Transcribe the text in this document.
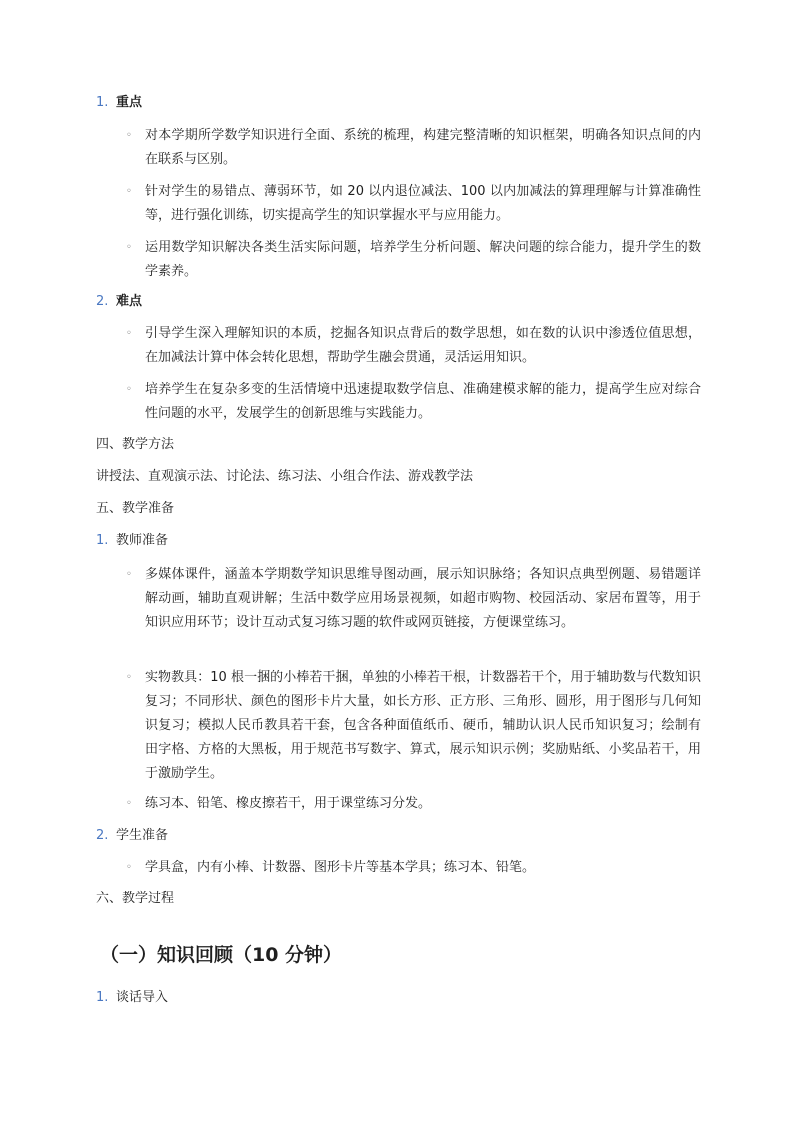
1. 重点
◦ 对本学期所学数学知识进行全面、系统的梳理，构建完整清晰的知识框架，明确各知识点间的内在联系与区别。
◦ 针对学生的易错点、薄弱环节，如 20 以内退位减法、100 以内加减法的算理理解与计算准确性等，进行强化训练，切实提高学生的知识掌握水平与应用能力。
◦ 运用数学知识解决各类生活实际问题，培养学生分析问题、解决问题的综合能力，提升学生的数学素养。
2. 难点
◦ 引导学生深入理解知识的本质，挖掘各知识点背后的数学思想，如在数的认识中渗透位值思想，在加减法计算中体会转化思想，帮助学生融会贯通，灵活运用知识。
◦ 培养学生在复杂多变的生活情境中迅速提取数学信息、准确建模求解的能力，提高学生应对综合性问题的水平，发展学生的创新思维与实践能力。
四、教学方法
讲授法、直观演示法、讨论法、练习法、小组合作法、游戏教学法
五、教学准备
1. 教师准备
◦ 多媒体课件，涵盖本学期数学知识思维导图动画，展示知识脉络；各知识点典型例题、易错题详解动画，辅助直观讲解；生活中数学应用场景视频，如超市购物、校园活动、家居布置等，用于知识应用环节；设计互动式复习练习题的软件或网页链接，方便课堂练习。
◦ 实物教具：10 根一捆的小棒若干捆，单独的小棒若干根，计数器若干个，用于辅助数与代数知识复习；不同形状、颜色的图形卡片大量，如长方形、正方形、三角形、圆形，用于图形与几何知识复习；模拟人民币教具若干套，包含各种面值纸币、硬币，辅助认识人民币知识复习；绘制有田字格、方格的大黑板，用于规范书写数字、算式，展示知识示例；奖励贴纸、小奖品若干，用于激励学生。
◦ 练习本、铅笔、橡皮擦若干，用于课堂练习分发。
2. 学生准备
◦ 学具盒，内有小棒、计数器、图形卡片等基本学具；练习本、铅笔。
六、教学过程
（一）知识回顾（10 分钟）
1. 谈话导入
